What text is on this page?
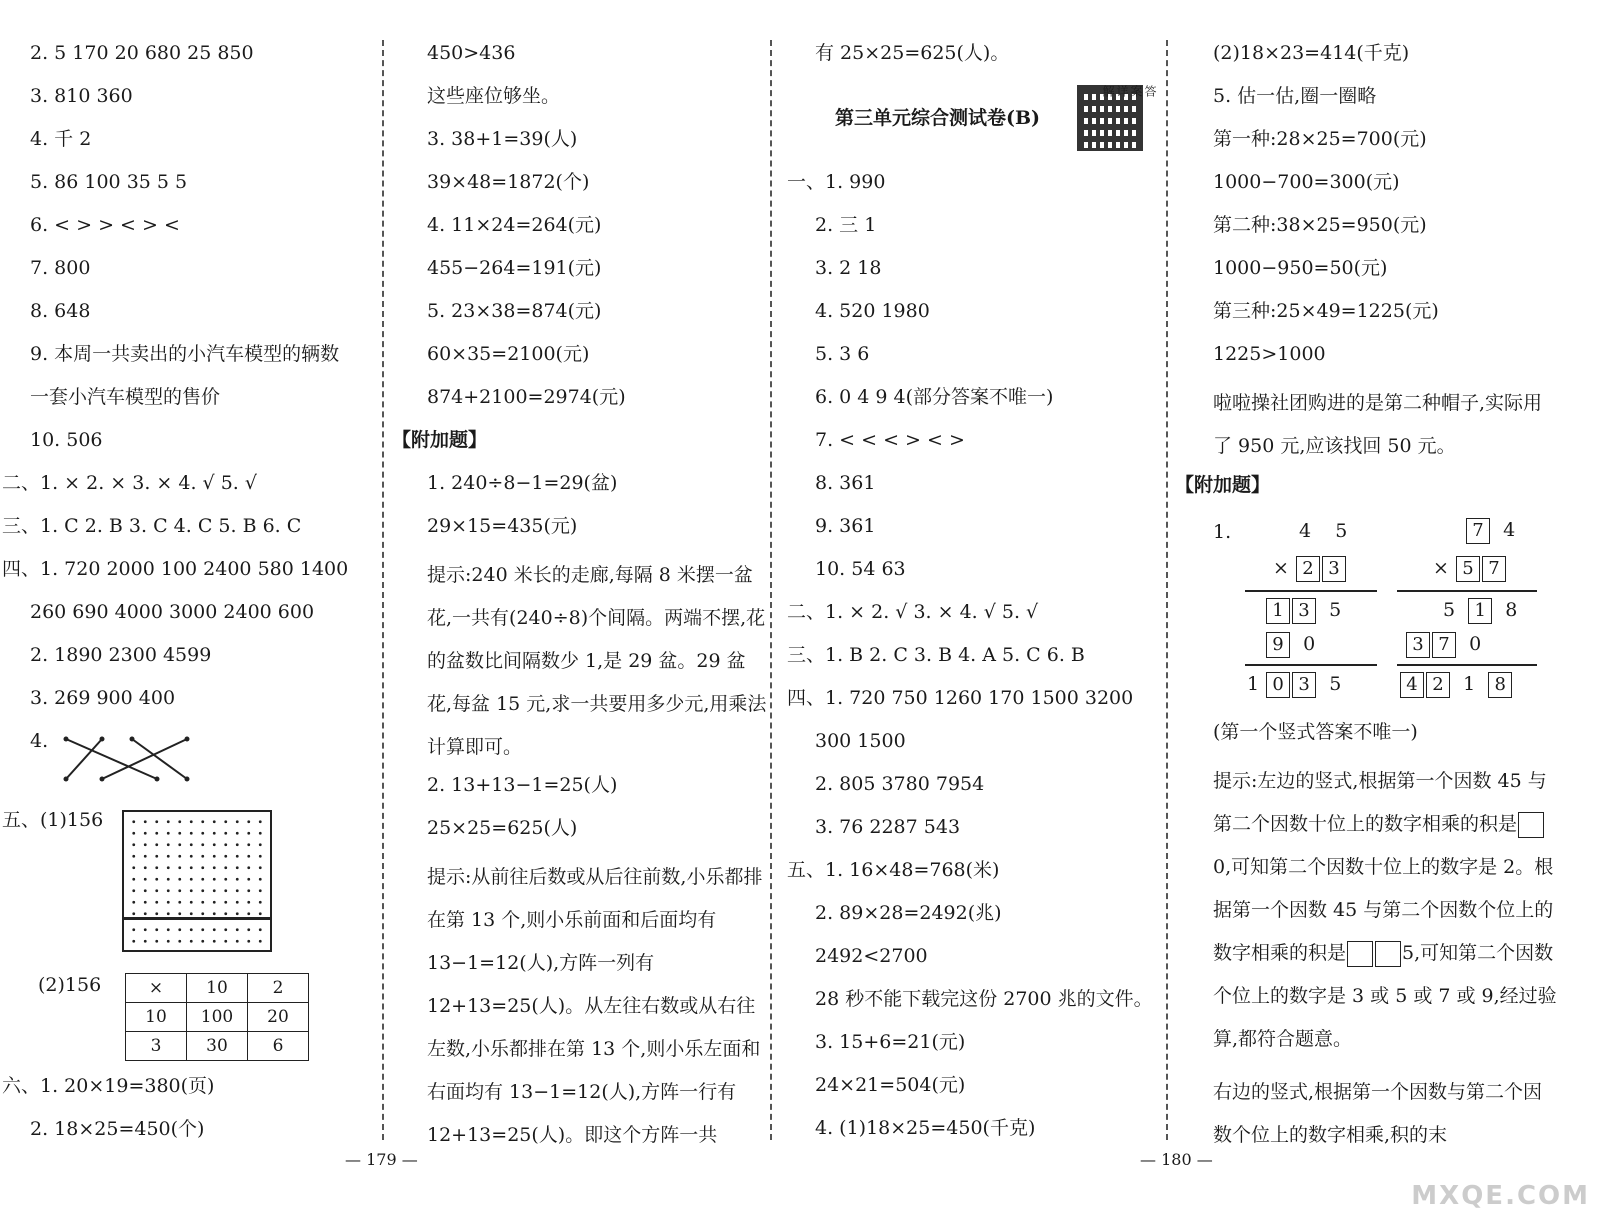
2. 5 170 20 680 25 850
3. 810 360
4. 千 2
5. 86 100 35 5 5
6. < > > < > <
7. 800
8. 648
9. 本周一共卖出的小汽车模型的辆数
一套小汽车模型的售价
10. 506
二、1. × 2. × 3. × 4. √ 5. √
三、1. C 2. B 3. C 4. C 5. B 6. C
四、1. 720 2000 100 2400 580 1400
260 690 4000 3000 2400 600
2. 1890 2300 4599
3. 269 900 400
4.
五、(1)156
(2)156	×	10	2
10	100	20
3	30	6
六、1. 20×19=380(页)
2. 18×25=450(个)
450>436
这些座位够坐。
3. 38+1=39(人)
39×48=1872(个)
4. 11×24=264(元)
455−264=191(元)
5. 23×38=874(元)
60×35=2100(元)
874+2100=2974(元)
【附加题】
1. 240÷8−1=29(盆)
29×15=435(元)
提示:240 米长的走廊,每隔 8 米摆一盆花,一共有(240÷8)个间隔。两端不摆,花的盆数比间隔数少 1,是 29 盆。29 盆花,每盆 15 元,求一共要用多少元,用乘法计算即可。
2. 13+13−1=25(人)
25×25=625(人)
提示:从前往后数或从后往前数,小乐都排在第 13 个,则小乐前面和后面均有 13−1=12(人),方阵一列有 12+13=25(人)。从左往右数或从右往左数,小乐都排在第 13 个,则小乐左面和右面均有 13−1=12(人),方阵一行有 12+13=25(人)。即这个方阵一共
有 25×25=625(人)。
第三单元综合测试卷(B)
答案详解
一、1. 990
2. 三 1
3. 2 18
4. 520 1980
5. 3 6
6. 0 4 9 4(部分答案不唯一)
7. < < < > < >
8. 361
9. 361
10. 54 63
二、1. × 2. √ 3. × 4. √ 5. √
三、1. B 2. C 3. B 4. A 5. C 6. B
四、1. 720 750 1260 170 1500 3200
300 1500
2. 805 3780 7954
3. 76 2287 543
五、1. 16×48=768(米)
2. 89×28=2492(兆)
2492<2700
28 秒不能下载完这份 2700 兆的文件。
3. 15+6=21(元)
24×21=504(元)
4. (1)18×25=450(千克)
(2)18×23=414(千克)
5. 估一估,圈一圈略
第一种:28×25=700(元)
1000−700=300(元)
第二种:38×25=950(元)
1000−950=50(元)
第三种:25×49=1225(元)
1225>1000
啦啦操社团购进的是第二种帽子,实际用了 950 元,应该找回 50 元。
【附加题】
1.	4 5
× 2 3
1 3 5
9 0
1 0 3 5
7 4
× 5 7
5 1 8
3 7 0
4 2 1 8
(第一个竖式答案不唯一)
提示:左边的竖式,根据第一个因数 45 与第二个因数十位上的数字相乘的积是0,可知第二个因数十位上的数字是 2。根据第一个因数 45 与第二个因数个位上的数字相乘的积是	5,可知第二个因数个位上的数字是 3 或 5 或 7 或 9,经过验算,都符合题意。
右边的竖式,根据第一个因数与第二个因数个位上的数字相乘,积的末
— 179 —	— 180 —
MXQE.COM
